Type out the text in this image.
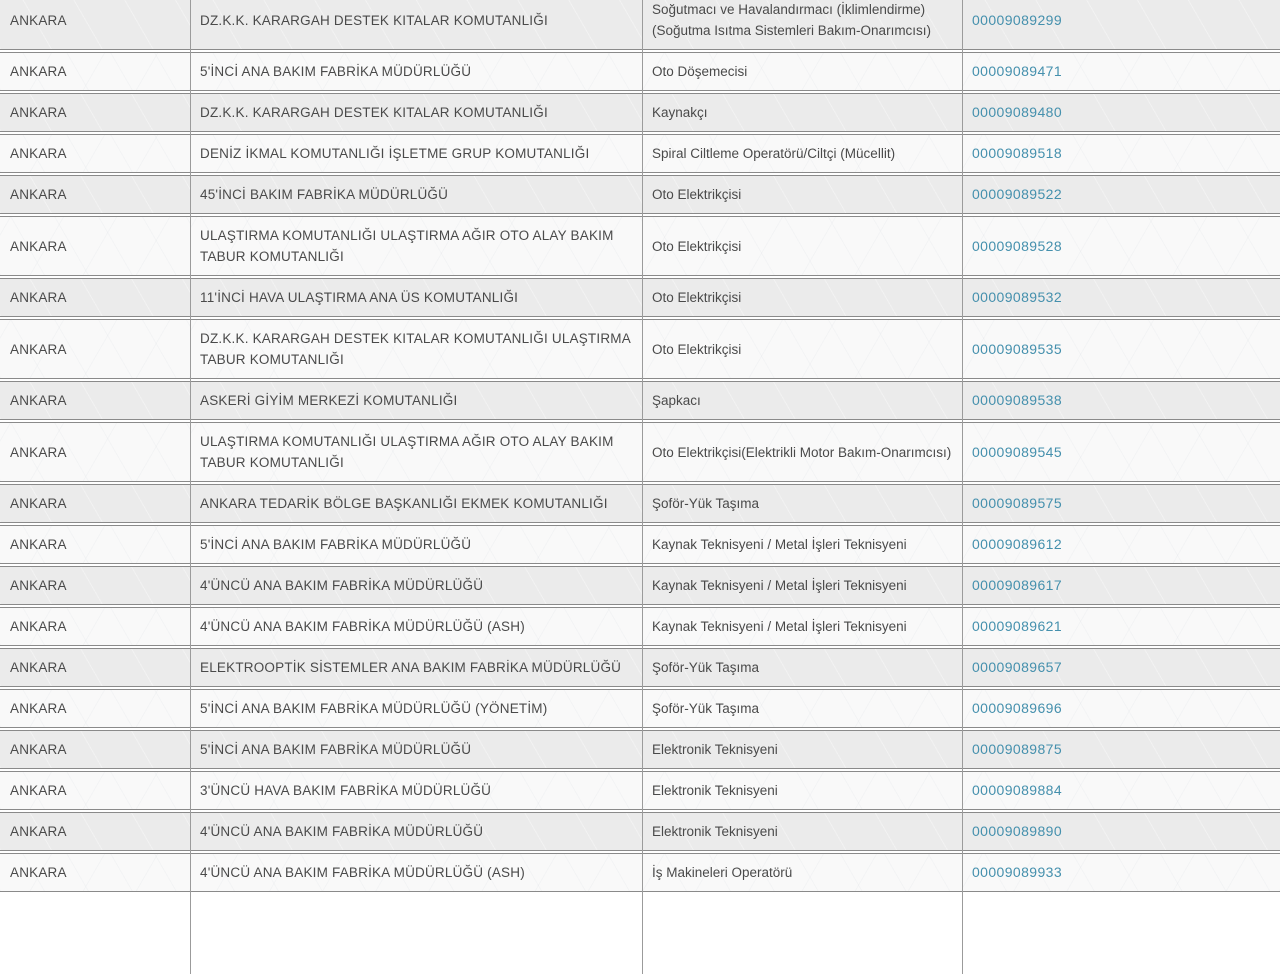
ANKARA	DZ.K.K. KARARGAH DESTEK KITALAR KOMUTANLIĞI	Soğutmacı ve Havalandırmacı (İklimlendirme)(Soğutma Isıtma Sistemleri Bakım-Onarımcısı)	00009089299
ANKARA	5'İNCİ ANA BAKIM FABRİKA MÜDÜRLÜĞÜ	Oto Döşemecisi	00009089471
ANKARA	DZ.K.K. KARARGAH DESTEK KITALAR KOMUTANLIĞI	Kaynakçı	00009089480
ANKARA	DENİZ İKMAL KOMUTANLIĞI İŞLETME GRUP KOMUTANLIĞI	Spiral Ciltleme Operatörü/Ciltçi (Mücellit)	00009089518
ANKARA	45'İNCİ BAKIM FABRİKA MÜDÜRLÜĞÜ	Oto Elektrikçisi	00009089522
ANKARA	ULAŞTIRMA KOMUTANLIĞI ULAŞTIRMA AĞIR OTO ALAY BAKIM TABUR KOMUTANLIĞI	Oto Elektrikçisi	00009089528
ANKARA	11'İNCİ HAVA ULAŞTIRMA ANA ÜS KOMUTANLIĞI	Oto Elektrikçisi	00009089532
ANKARA	DZ.K.K. KARARGAH DESTEK KITALAR KOMUTANLIĞI ULAŞTIRMA TABUR KOMUTANLIĞI	Oto Elektrikçisi	00009089535
ANKARA	ASKERİ GİYİM MERKEZİ KOMUTANLIĞI	Şapkacı	00009089538
ANKARA	ULAŞTIRMA KOMUTANLIĞI ULAŞTIRMA AĞIR OTO ALAY BAKIM TABUR KOMUTANLIĞI	Oto Elektrikçisi(Elektrikli Motor Bakım-Onarımcısı)	00009089545
ANKARA	ANKARA TEDARİK BÖLGE BAŞKANLIĞI EKMEK KOMUTANLIĞI	Şoför-Yük Taşıma	00009089575
ANKARA	5'İNCİ ANA BAKIM FABRİKA MÜDÜRLÜĞÜ	Kaynak Teknisyeni / Metal İşleri Teknisyeni	00009089612
ANKARA	4'ÜNCÜ ANA BAKIM FABRİKA MÜDÜRLÜĞÜ	Kaynak Teknisyeni / Metal İşleri Teknisyeni	00009089617
ANKARA	4'ÜNCÜ ANA BAKIM FABRİKA MÜDÜRLÜĞÜ (ASH)	Kaynak Teknisyeni / Metal İşleri Teknisyeni	00009089621
ANKARA	ELEKTROOPTİK SİSTEMLER ANA BAKIM FABRİKA MÜDÜRLÜĞÜ	Şoför-Yük Taşıma	00009089657
ANKARA	5'İNCİ ANA BAKIM FABRİKA MÜDÜRLÜĞÜ (YÖNETİM)	Şoför-Yük Taşıma	00009089696
ANKARA	5'İNCİ ANA BAKIM FABRİKA MÜDÜRLÜĞÜ	Elektronik Teknisyeni	00009089875
ANKARA	3'ÜNCÜ HAVA BAKIM FABRİKA MÜDÜRLÜĞÜ	Elektronik Teknisyeni	00009089884
ANKARA	4'ÜNCÜ ANA BAKIM FABRİKA MÜDÜRLÜĞÜ	Elektronik Teknisyeni	00009089890
ANKARA	4'ÜNCÜ ANA BAKIM FABRİKA MÜDÜRLÜĞÜ (ASH)	İş Makineleri Operatörü	00009089933
